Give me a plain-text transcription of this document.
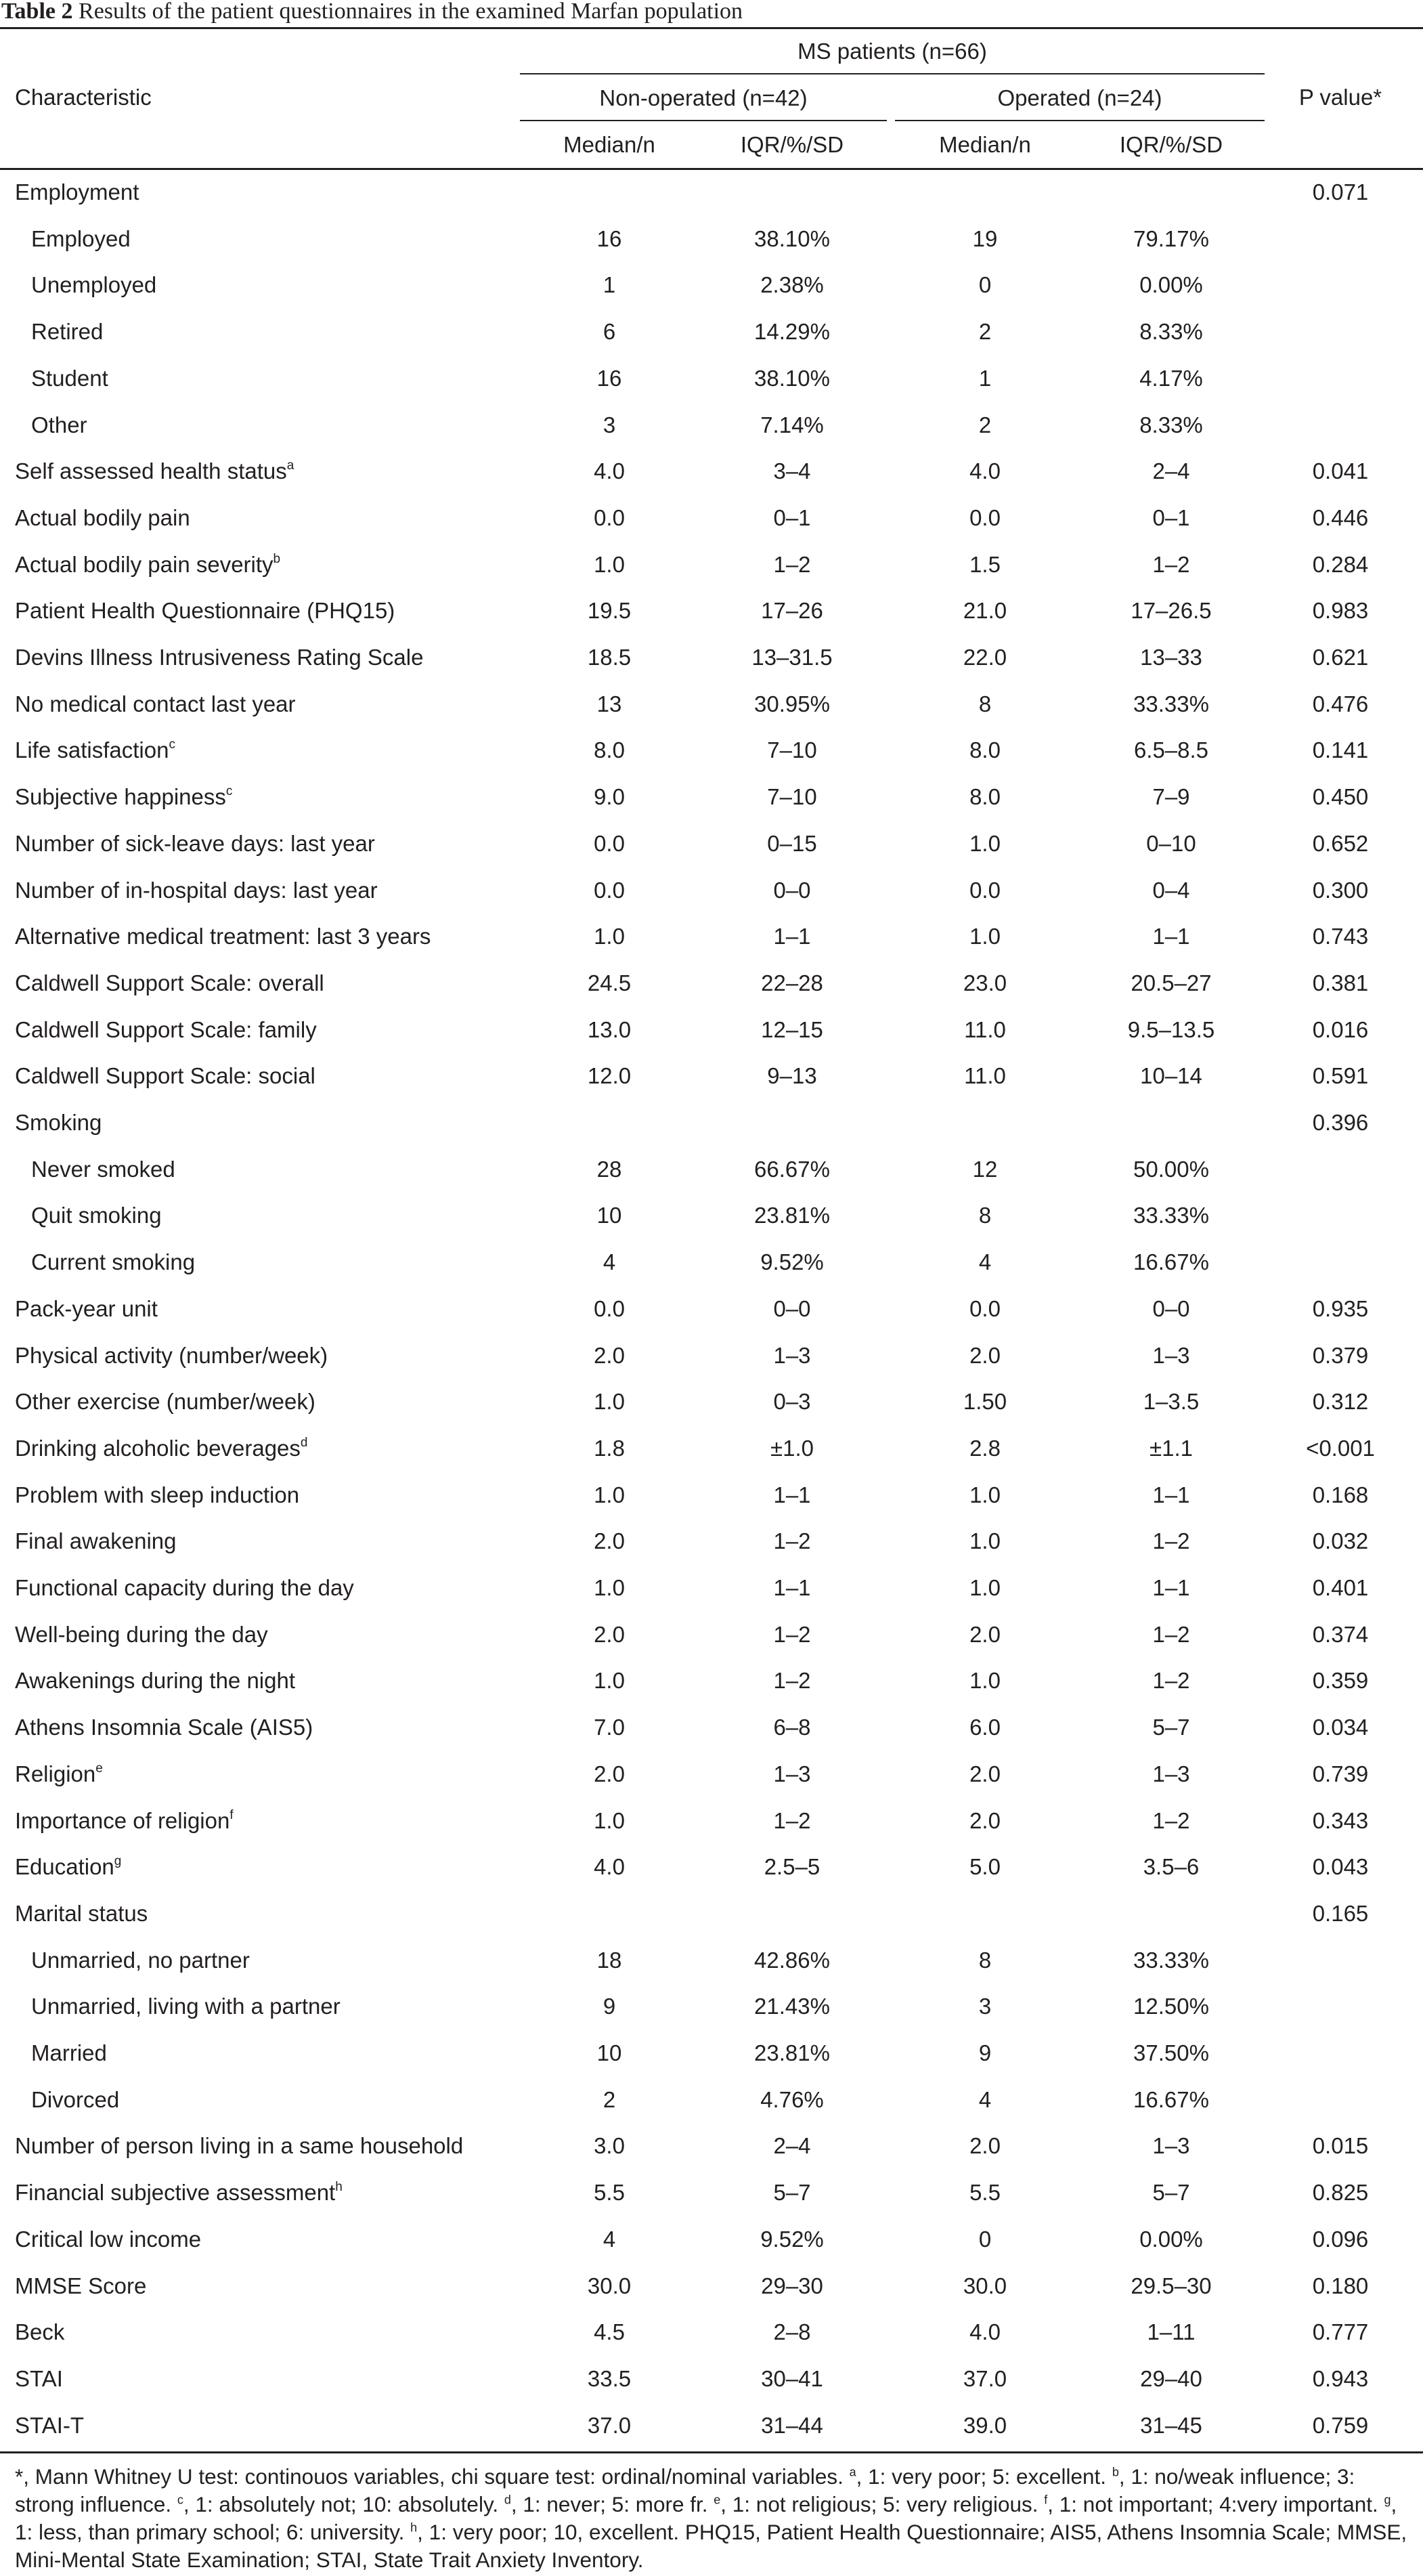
Table 2 Results of the patient questionnaires in the examined Marfan population
Characteristic
MS patients (n=66)
Non-operated (n=42)	Operated (n=24)
Median/n	IQR/%/SD	Median/n	IQR/%/SD
P value*
Employment	0.071
Employed	16	38.10%	19	79.17%
Unemployed	1	2.38%	0	0.00%
Retired	6	14.29%	2	8.33%
Student	16	38.10%	1	4.17%
Other	3	7.14%	2	8.33%
Self assessed health status$^a$	4.0	3–4	4.0	2–4	0.041
Actual bodily pain	0.0	0–1	0.0	0–1	0.446
Actual bodily pain severity$^b$	1.0	1–2	1.5	1–2	0.284
Patient Health Questionnaire (PHQ15)	19.5	17–26	21.0	17–26.5	0.983
Devins Illness Intrusiveness Rating Scale	18.5	13–31.5	22.0	13–33	0.621
No medical contact last year	13	30.95%	8	33.33%	0.476
Life satisfaction$^c$	8.0	7–10	8.0	6.5–8.5	0.141
Subjective happiness$^c$	9.0	7–10	8.0	7–9	0.450
Number of sick-leave days: last year	0.0	0–15	1.0	0–10	0.652
Number of in-hospital days: last year	0.0	0–0	0.0	0–4	0.300
Alternative medical treatment: last 3 years	1.0	1–1	1.0	1–1	0.743
Caldwell Support Scale: overall	24.5	22–28	23.0	20.5–27	0.381
Caldwell Support Scale: family	13.0	12–15	11.0	9.5–13.5	0.016
Caldwell Support Scale: social	12.0	9–13	11.0	10–14	0.591
Smoking	0.396
Never smoked	28	66.67%	12	50.00%
Quit smoking	10	23.81%	8	33.33%
Current smoking	4	9.52%	4	16.67%
Pack-year unit	0.0	0–0	0.0	0–0	0.935
Physical activity (number/week)	2.0	1–3	2.0	1–3	0.379
Other exercise (number/week)	1.0	0–3	1.50	1–3.5	0.312
Drinking alcoholic beverages$^d$	1.8	±1.0	2.8	±1.1	<0.001
Problem with sleep induction	1.0	1–1	1.0	1–1	0.168
Final awakening	2.0	1–2	1.0	1–2	0.032
Functional capacity during the day	1.0	1–1	1.0	1–1	0.401
Well-being during the day	2.0	1–2	2.0	1–2	0.374
Awakenings during the night	1.0	1–2	1.0	1–2	0.359
Athens Insomnia Scale (AIS5)	7.0	6–8	6.0	5–7	0.034
Religion$^e$	2.0	1–3	2.0	1–3	0.739
Importance of religion$^f$	1.0	1–2	2.0	1–2	0.343
Education$^g$	4.0	2.5–5	5.0	3.5–6	0.043
Marital status	0.165
Unmarried, no partner	18	42.86%	8	33.33%
Unmarried, living with a partner	9	21.43%	3	12.50%
Married	10	23.81%	9	37.50%
Divorced	2	4.76%	4	16.67%
Number of person living in a same household	3.0	2–4	2.0	1–3	0.015
Financial subjective assessment$^h$	5.5	5–7	5.5	5–7	0.825
Critical low income	4	9.52%	0	0.00%	0.096
MMSE Score	30.0	29–30	30.0	29.5–30	0.180
Beck	4.5	2–8	4.0	1–11	0.777
STAI	33.5	30–41	37.0	29–40	0.943
STAI-T	37.0	31–44	39.0	31–45	0.759

*, Mann Whitney U test: continouos variables, chi square test: ordinal/nominal variables. $^a$, 1: very poor; 5: excellent. $^b$, 1: no/weak influence; 3: strong influence. $^c$, 1: absolutely not; 10: absolutely. $^d$, 1: never; 5: more fr. $^e$, 1: not religious; 5: very religious. $^f$, 1: not important; 4:very important. $^g$, 1: less, than primary school; 6: university. $^h$, 1: very poor; 10, excellent. PHQ15, Patient Health Questionnaire; AIS5, Athens Insomnia Scale; MMSE, Mini-Mental State Examination; STAI, State Trait Anxiety Inventory.
